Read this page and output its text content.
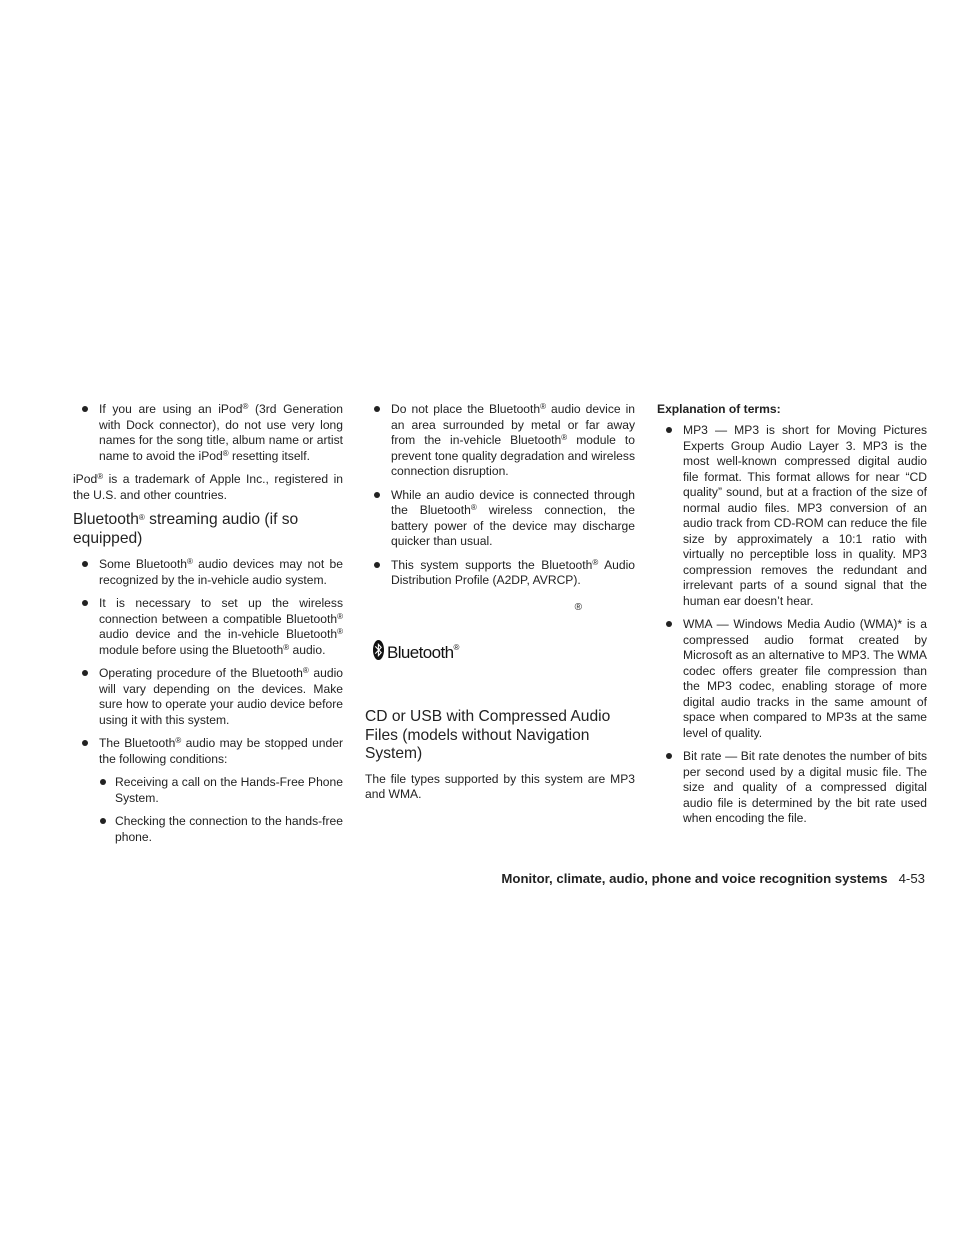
If you are using an iPod® (3rd Generation with Dock connector), do not use very long names for the song title, album name or artist name to avoid the iPod® resetting itself.

iPod® is a trademark of Apple Inc., registered in the U.S. and other countries.

Bluetooth® streaming audio (if so equipped)
Some Bluetooth® audio devices may not be recognized by the in-vehicle audio system.
It is necessary to set up the wireless connection between a compatible Bluetooth® audio device and the in-vehicle Bluetooth® module before using the Bluetooth® audio.
Operating procedure of the Bluetooth® audio will vary depending on the devices. Make sure how to operate your audio device before using it with this system.
The Bluetooth® audio may be stopped under the following conditions:
Receiving a call on the Hands-Free Phone System.
Checking the connection to the hands-free phone.
Do not place the Bluetooth® audio device in an area surrounded by metal or far away from the in-vehicle Bluetooth® module to prevent tone quality degradation and wireless connection disruption.
While an audio device is connected through the Bluetooth® wireless connection, the battery power of the device may discharge quicker than usual.
This system supports the Bluetooth® Audio Distribution Profile (A2DP, AVRCP).
®
Bluetooth®
CD or USB with Compressed Audio Files (models without Navigation System)

The file types supported by this system are MP3 and WMA.

Explanation of terms:
MP3 — MP3 is short for Moving Pictures Experts Group Audio Layer 3. MP3 is the most well-known compressed digital audio file format. This format allows for near “CD quality” sound, but at a fraction of the size of normal audio files. MP3 conversion of an audio track from CD-ROM can reduce the file size by approximately a 10:1 ratio with virtually no perceptible loss in quality. MP3 compression removes the redundant and irrelevant parts of a sound signal that the human ear doesn’t hear.
WMA — Windows Media Audio (WMA)* is a compressed audio format created by Microsoft as an alternative to MP3. The WMA codec offers greater file compression than the MP3 codec, enabling storage of more digital audio tracks in the same amount of space when compared to MP3s at the same level of quality.
Bit rate — Bit rate denotes the number of bits per second used by a digital music file. The size and quality of a compressed digital audio file is determined by the bit rate used when encoding the file.
Monitor, climate, audio, phone and voice recognition systems 4-53
